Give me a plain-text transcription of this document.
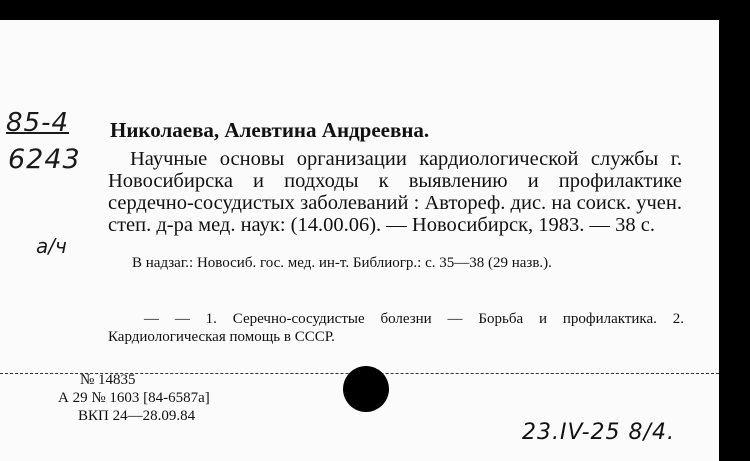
85-4
6243
а/ч
Николаева, Алевтина Андреевна.
Научные основы организации кардиологической службы г. Новосибирска и подходы к выявлению и профилактике сердечно-сосудистых заболеваний : Автореф. дис. на соиск. учен. степ. д-ра мед. наук: (14.00.06). — Новосибирск, 1983. — 38 с.
В надзаг.: Новосиб. гос. мед. ин-т. Библиогр.: с. 35—38 (29 назв.).
— — 1. Серечно-сосудистые болезни — Борьба и профилактика. 2. Кардиологическая помощь в СССР.
№ 14835
А 29 № 1603 [84-6587а]
ВКП 24—28.09.84
23.IV-25 8/4.
